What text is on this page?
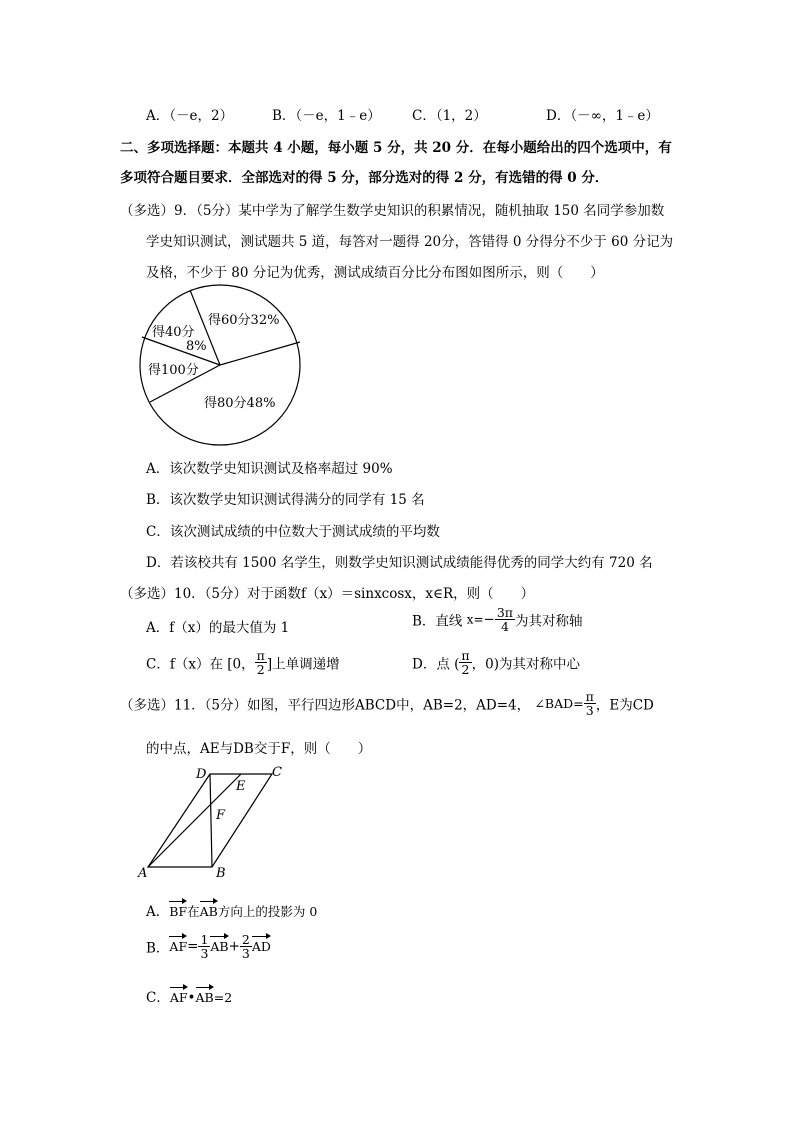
A．（－e，2）	B．（－e，1﹣e） C．（1，2）	D．（－∞，1﹣e）
二、多项选择题：本题共 4 小题，每小题 5 分，共 20 分．在每小题给出的四个选项中，有
多项符合题目要求．全部选对的得 5 分，部分选对的得 2 分，有选错的得 0 分．
（多选）9．（5分）某中学为了解学生数学史知识的积累情况，随机抽取 150 名同学参加数
学史知识测试，测试题共 5 道，每答对一题得 20分，答错得 0 分得分不少于 60 分记为
及格，不少于 80 分记为优秀，测试成绩百分比分布图如图所示，则（　　）
得60分32%
得40分
8%
得100分
得80分48%
A．该次数学史知识测试及格率超过 90%
B．该次数学史知识测试得满分的同学有 15 名
C．该次测试成绩的中位数大于测试成绩的平均数
D．若该校共有 1500 名学生，则数学史知识测试成绩能得优秀的同学大约有 720 名
（多选）10．（5分）对于函数f（x）＝sinxcosx，x∈R，则（　　）
A．f（x）的最大值为 1	B．直线 $x=- \frac{3\pi}{4}$ 为其对称轴
C．f（x）在 [0， $\frac{\pi}{2}$ ]上单调递增	D．点 ( $\frac{\pi}{2}$ ，0)为其对称中心
（多选）11．（5分）如图，平行四边形ABCD中，AB=2，AD=4， ∠BAD= $\frac{\pi}{3}$ ，E为CD
的中点，AE与DB交于F，则（　　）
A	B
C
D
E
F
A．BF在AB方向上的投影为 0
B．$AF= \frac{1}{3} AB+ \frac{2}{3}$ AD
C．AF•AB=2
